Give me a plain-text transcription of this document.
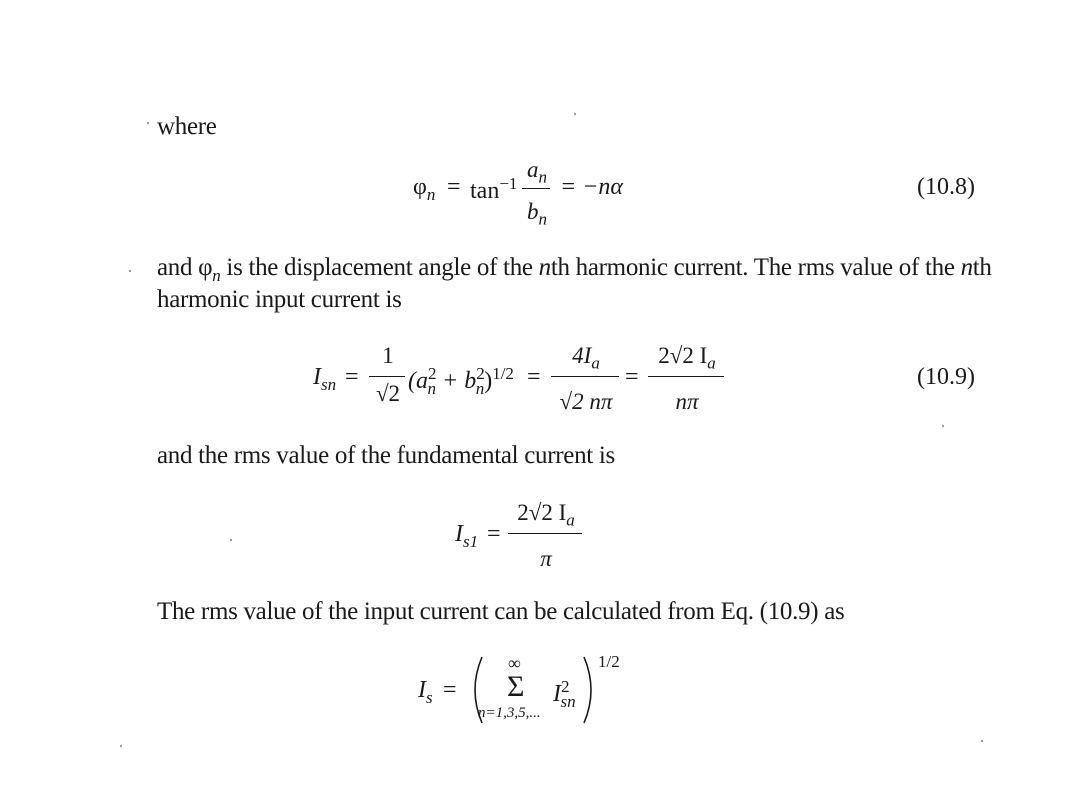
where
and $\varphi_n$ is the displacement angle of the nth harmonic current. The rms value of the nth
harmonic input current is
and the rms value of the fundamental current is
The rms value of the input current can be calculated from Eq. (10.9) as
$\varphi_n = \tan^{-1}$
$a_n$
$b_n$
= −nα	(10.8)
$I_{sn}$ =
1
√2 $(a^2_n + b^2_n)^{1/2}$ =
$4I_a$
√2 nπ
=
2√2 $I_a$
nπ
(10.9)
$I_{s1}$ =
2√2 $I_a$
π
$I_s$ =
∞
Σ
n=1,3,5,...
$I^2_{sn}$
1/2
